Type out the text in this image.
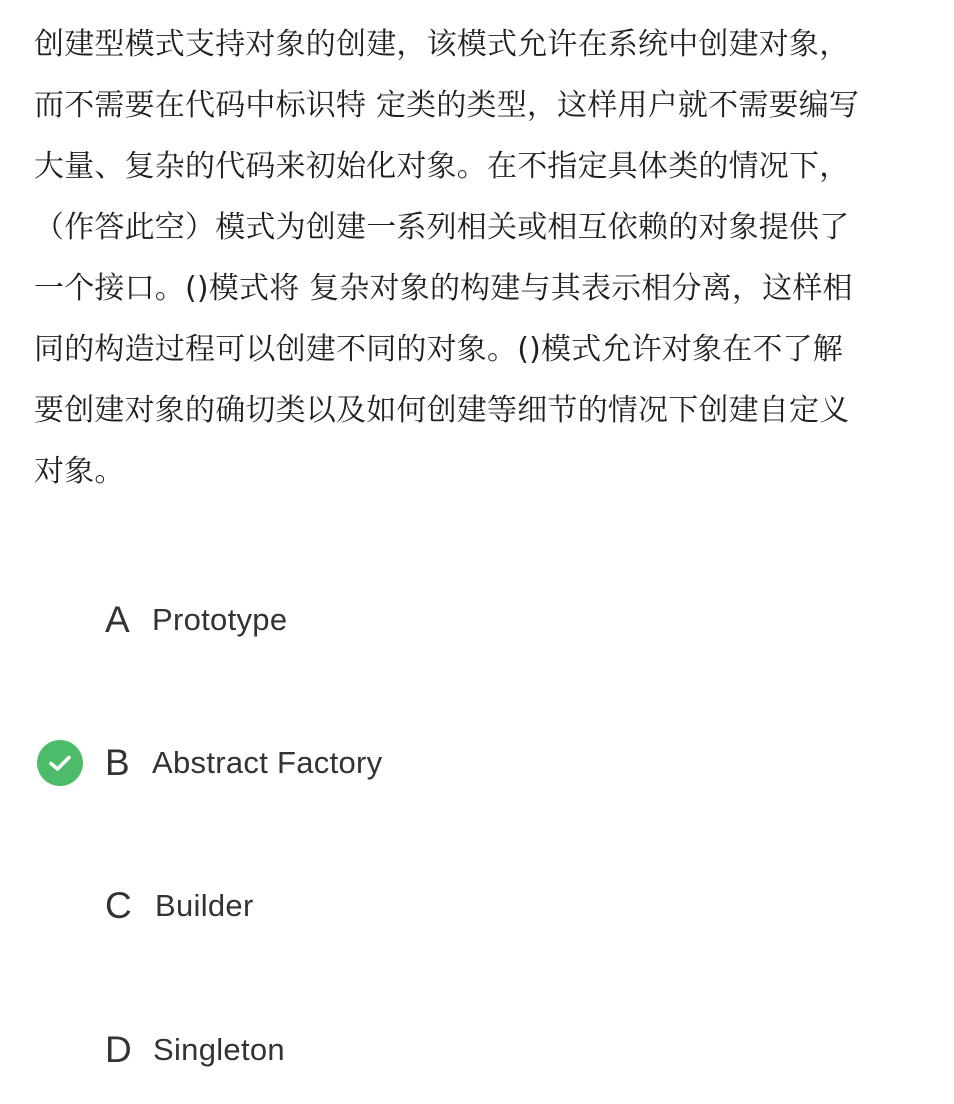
创建型模式支持对象的创建，该模式允许在系统中创建对象，
而不需要在代码中标识特 定类的类型，这样用户就不需要编写
大量、复杂的代码来初始化对象。在不指定具体类的情况下，
（作答此空）模式为创建一系列相关或相互依赖的对象提供了
一个接口。()模式将 复杂对象的构建与其表示相分离，这样相
同的构造过程可以创建不同的对象。()模式允许对象在不了解
要创建对象的确切类以及如何创建等细节的情况下创建自定义
对象。
A Prototype
B Abstract Factory
C Builder
D Singleton
